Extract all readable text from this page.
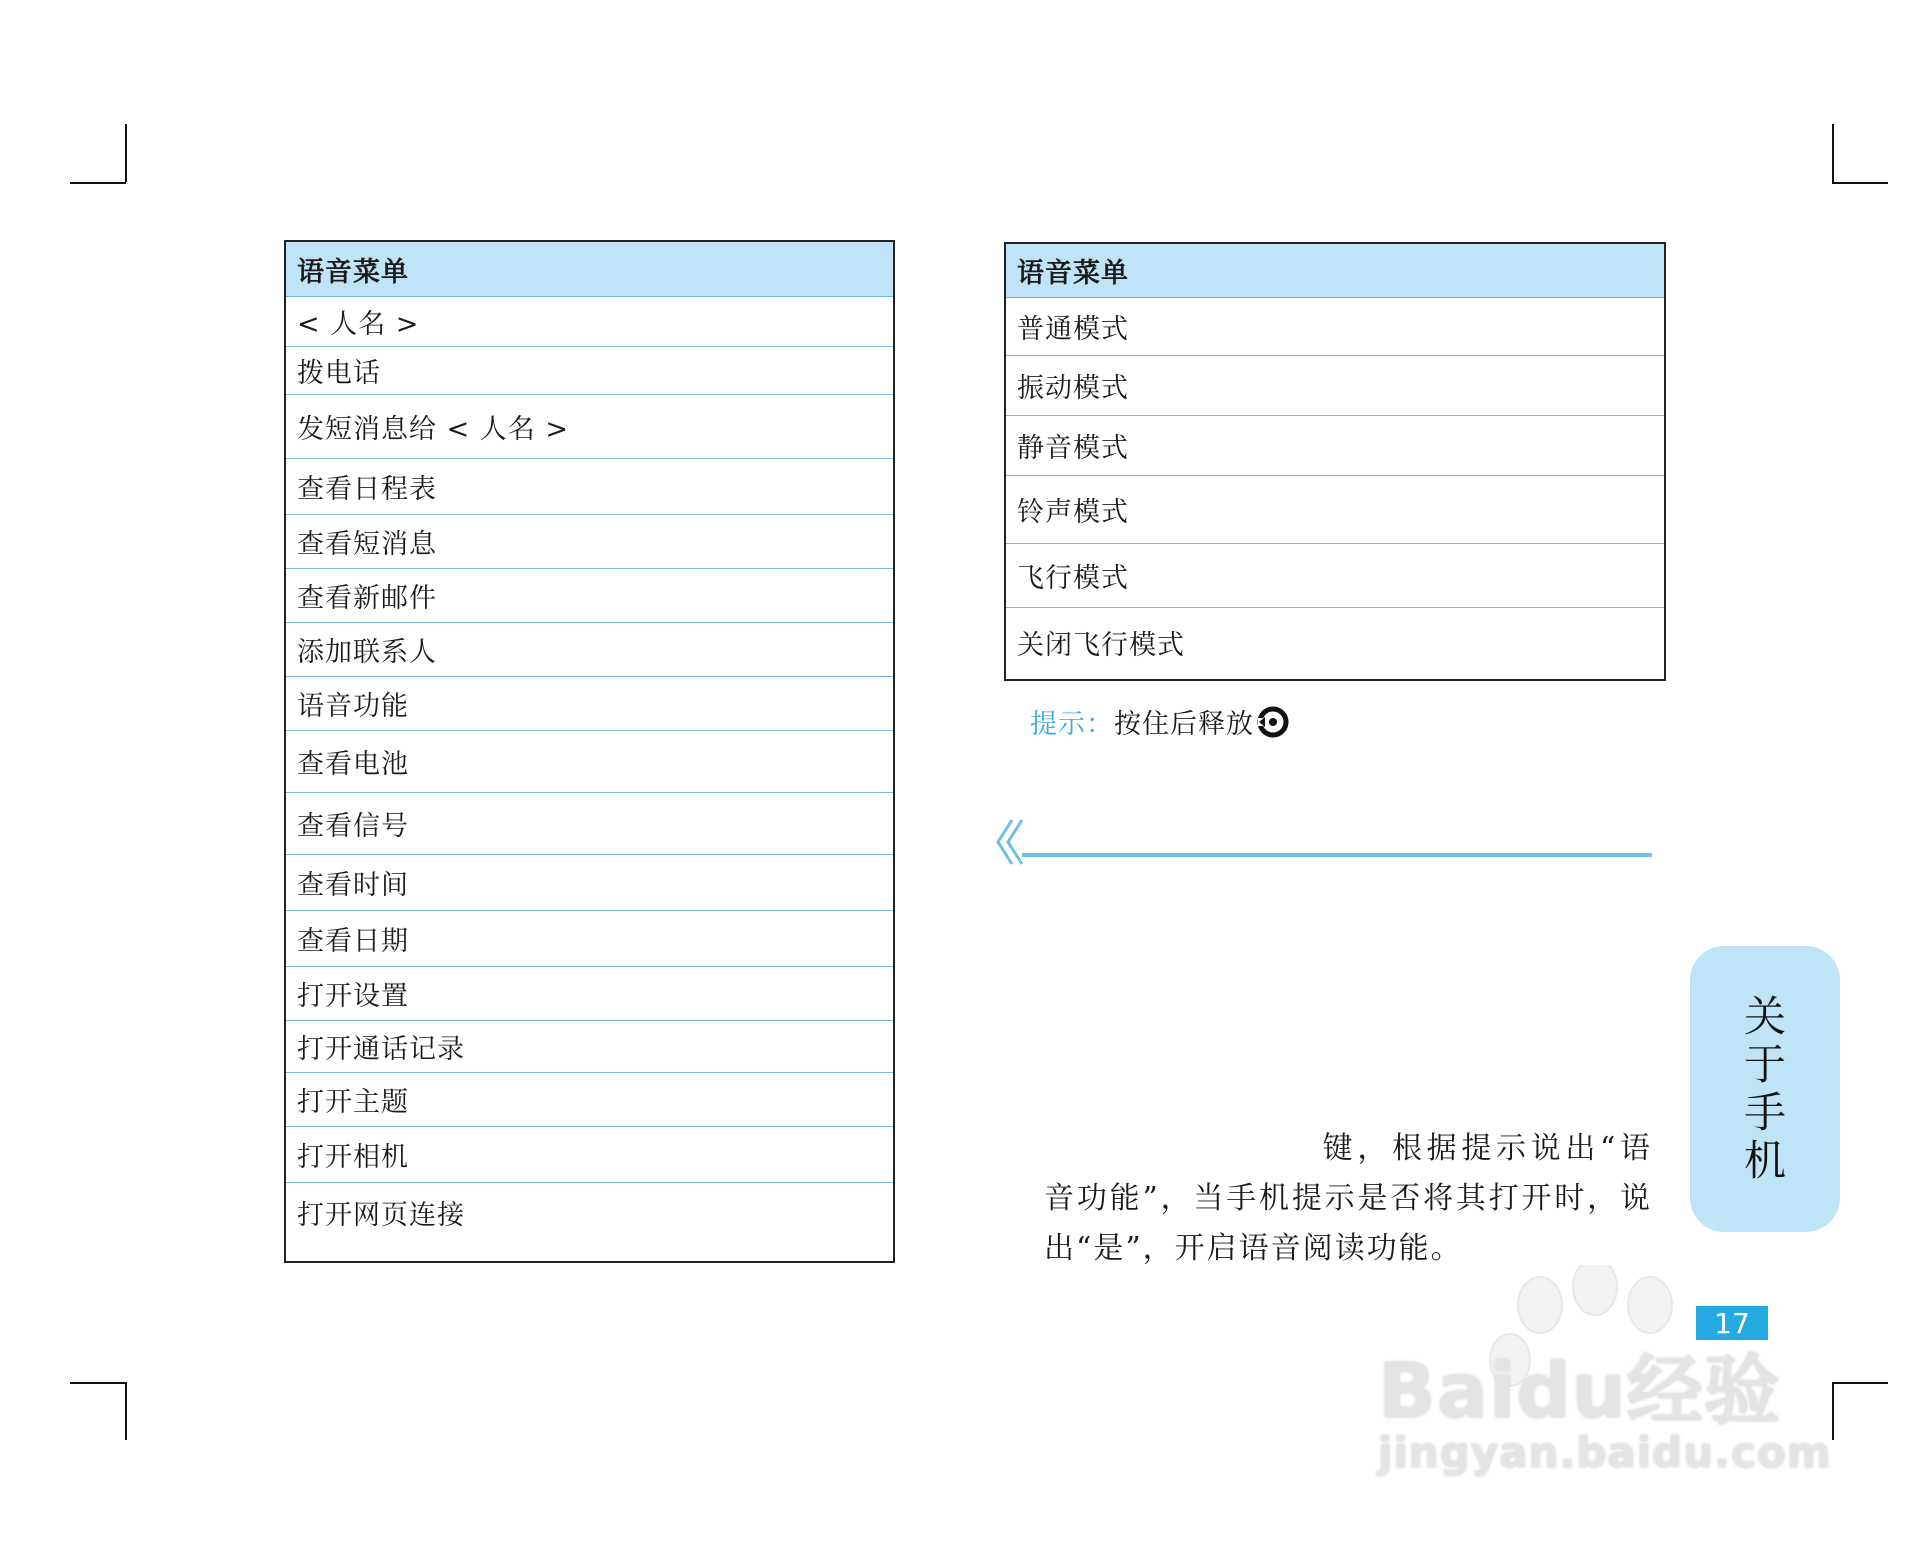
语音菜单
< 人名 >
拨电话
发短消息给 < 人名 >
查看日程表
查看短消息
查看新邮件
添加联系人
语音功能
查看电池
查看信号
查看时间
查看日期
打开设置
打开通话记录
打开主题
打开相机
打开网页连接
语音菜单
普通模式
振动模式
静音模式
铃声模式
飞行模式
关闭飞行模式
提示： 按住后释放
关
于
手
机
键，根据提示说出“语音功能”，当手机提示是否将其打开时，说出“是”，开启语音阅读功能。
17
Baidu经验
jingyan.baidu.com
